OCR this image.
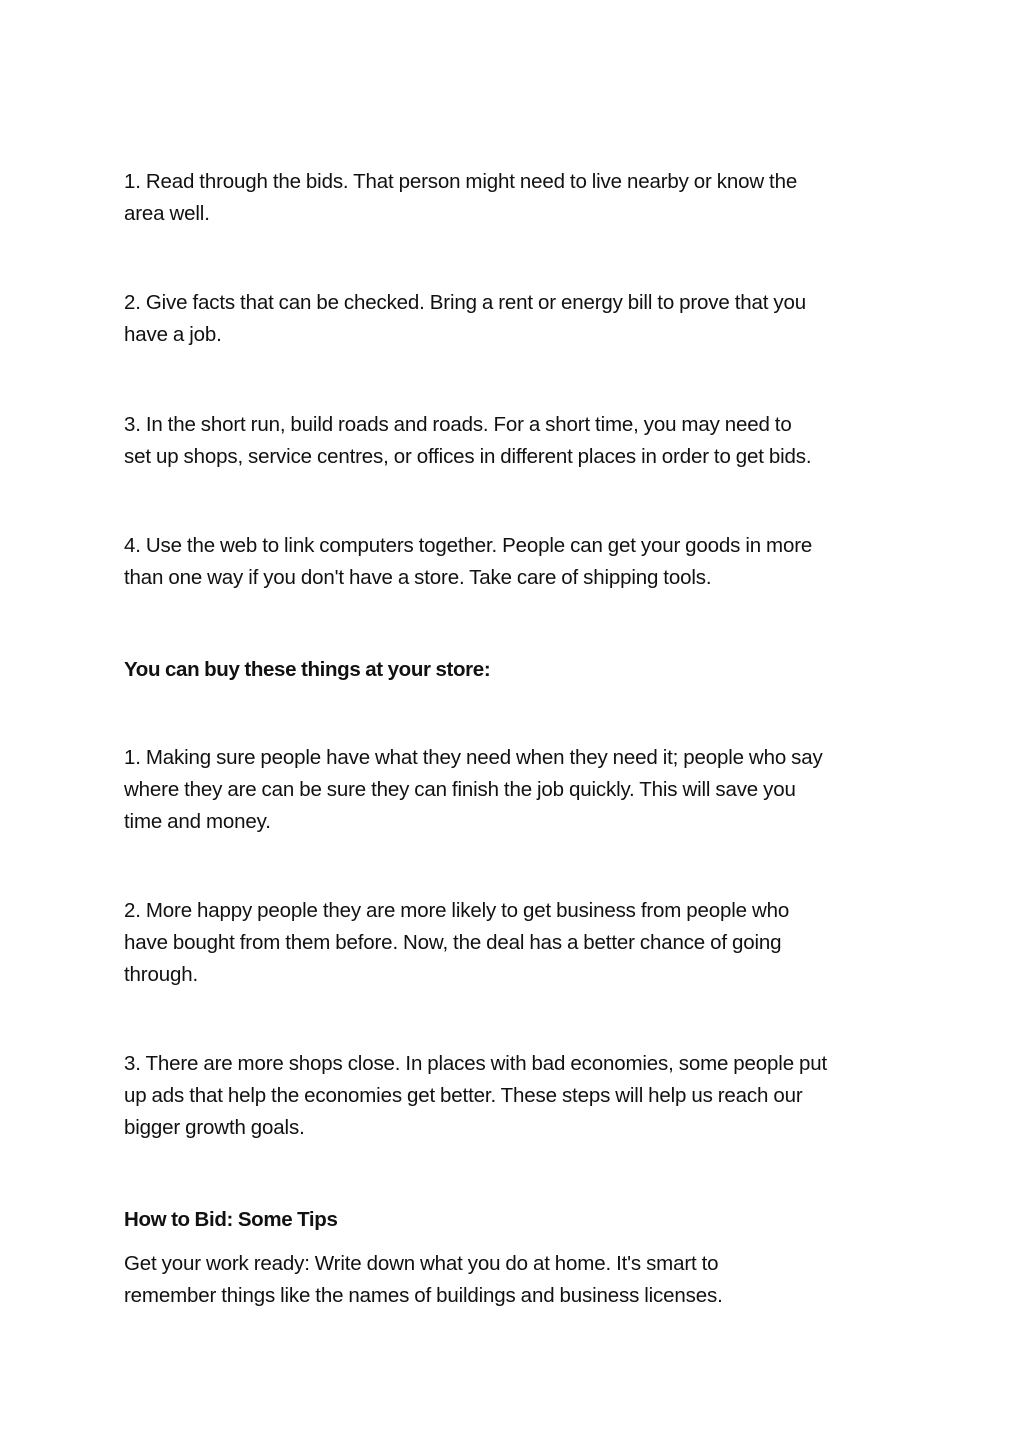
1. Read through the bids. That person might need to live nearby or know the
area well.

2. Give facts that can be checked. Bring a rent or energy bill to prove that you
have a job.

3. In the short run, build roads and roads. For a short time, you may need to
set up shops, service centres, or offices in different places in order to get bids.

4. Use the web to link computers together. People can get your goods in more
than one way if you don't have a store. Take care of shipping tools.

You can buy these things at your store:

1. Making sure people have what they need when they need it; people who say
where they are can be sure they can finish the job quickly. This will save you
time and money.

2. More happy people they are more likely to get business from people who
have bought from them before. Now, the deal has a better chance of going
through.

3. There are more shops close. In places with bad economies, some people put
up ads that help the economies get better. These steps will help us reach our
bigger growth goals.

How to Bid: Some Tips

Get your work ready: Write down what you do at home. It's smart to
remember things like the names of buildings and business licenses.
